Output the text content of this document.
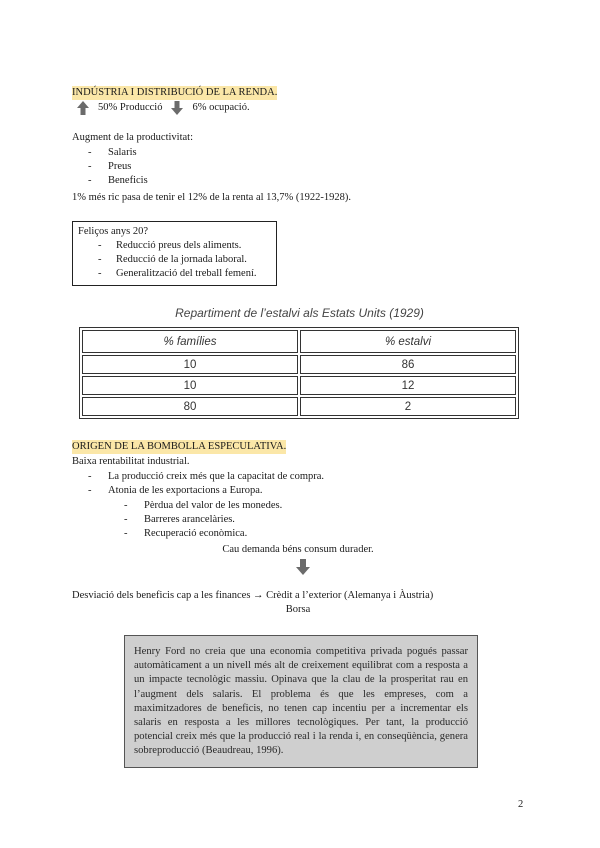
INDÚSTRIA I DISTRIBUCIÓ DE LA RENDA.
50% Producció	6% ocupació.
Augment de la productivitat:
- Salaris
- Preus
- Beneficis
1% més ric pasa de tenir el 12% de la renta al 13,7% (1922-1928).
Feliços anys 20?
- Reducció preus dels aliments.
- Reducció de la jornada laboral.
- Generalització del treball femení.
Repartiment de l’estalvi als Estats Units (1929)
% famílies	% estalvi
10	86
10	12
80	2
ORIGEN DE LA BOMBOLLA ESPECULATIVA.
Baixa rentabilitat industrial.
- La producció creix més que la capacitat de compra.
- Atonia de les exportacions a Europa.
- Pèrdua del valor de les monedes.
- Barreres arancelàries.
- Recuperació econòmica.
Cau demanda béns consum durader.
Desviació dels beneficis cap a les finances → Crèdit a l’exterior (Alemanya i Àustria)
Borsa
Henry Ford no creia que una economia competitiva privada pogués passar automàticament a un nivell més alt de creixement equilibrat com a resposta a un impacte tecnològic massiu. Opinava que la clau de la prosperitat rau en l’augment dels salaris. El problema és que les empreses, com a maximitzadores de beneficis, no tenen cap incentiu per a incrementar els salaris en resposta a les millores tecnològiques. Per tant, la producció potencial creix més que la producció real i la renda i, en conseqüència, genera sobreproducció (Beaudreau, 1996).
2
